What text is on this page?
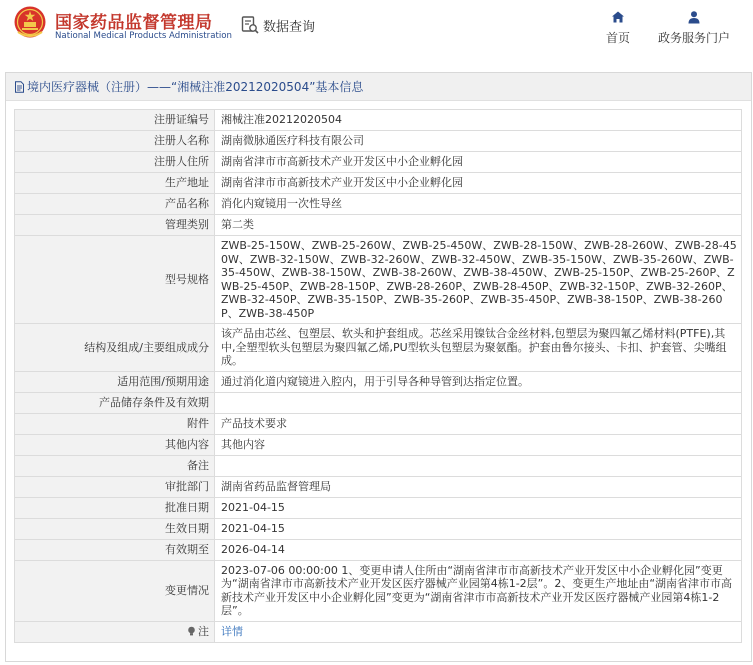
国家药品监督管理局
National Medical Products Administration
数据查询
首页	政务服务门户
境内医疗器械（注册）——“湘械注准20212020504”基本信息
注册证编号	湘械注准20212020504
注册人名称	湖南微脉通医疗科技有限公司
注册人住所	湖南省津市市高新技术产业开发区中小企业孵化园
生产地址	湖南省津市市高新技术产业开发区中小企业孵化园
产品名称	消化内窥镜用一次性导丝
管理类别	第二类
型号规格	ZWB-25-150W、ZWB-25-260W、ZWB-25-450W、ZWB-28-150W、ZWB-28-260W、ZWB-28-450W、ZWB-32-150W、ZWB-32-260W、ZWB-32-450W、ZWB-35-150W、ZWB-35-260W、ZWB-35-450W、ZWB-38-150W、ZWB-38-260W、ZWB-38-450W、ZWB-25-150P、ZWB-25-260P、ZWB-25-450P、ZWB-28-150P、ZWB-28-260P、ZWB-28-450P、ZWB-32-150P、ZWB-32-260P、ZWB-32-450P、ZWB-35-150P、ZWB-35-260P、ZWB-35-450P、ZWB-38-150P、ZWB-38-260P、ZWB-38-450P
结构及组成/主要组成成分	该产品由芯丝、包塑层、软头和护套组成。芯丝采用镍钛合金丝材料,包塑层为聚四氟乙烯材料(PTFE),其中,全塑型软头包塑层为聚四氟乙烯,PU型软头包塑层为聚氨酯。护套由鲁尔接头、卡扣、护套管、尖嘴组成。
适用范围/预期用途	通过消化道内窥镜进入腔内，用于引导各种导管到达指定位置。
产品储存条件及有效期	
附件	产品技术要求
其他内容	其他内容
备注	
审批部门	湖南省药品监督管理局
批准日期	2021-04-15
生效日期	2021-04-15
有效期至	2026-04-14
变更情况	2023-07-06 00:00:00 1、变更申请人住所由“湖南省津市市高新技术产业开发区中小企业孵化园”变更为“湖南省津市市高新技术产业开发区医疗器械产业园第4栋1-2层”。2、变更生产地址由“湖南省津市市高新技术产业开发区中小企业孵化园”变更为“湖南省津市市高新技术产业开发区医疗器械产业园第4栋1-2层”。
注	详情
